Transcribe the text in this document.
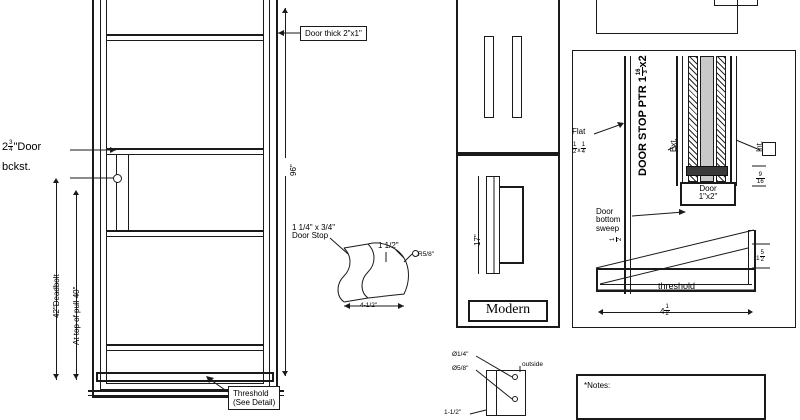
96"
42"Deadbolt At top of pull 40"
$2 \frac{3}{4}$ "Door
bckst.
Door thick 2"x1"
Threshold
(See Detail)
1 1/4" x 3/4"
Door Stop
1 1/2"
R5/8"
4-1/2"
17"
Modern
Door
1"x2"
DOOR STOP PTR 1
16 3
x2
Flat
$\frac{1}{2}$ x $\frac{1}{4}$	Ext.	Int.
Door
bottom
sweep
1 2
threshold
$4 \frac{1}{2}$
$\frac{9}{16}$
$1 \frac{5}{2}$
Ø1/4"
Ø5/8"
outside
1-1/2"
*Notes:
